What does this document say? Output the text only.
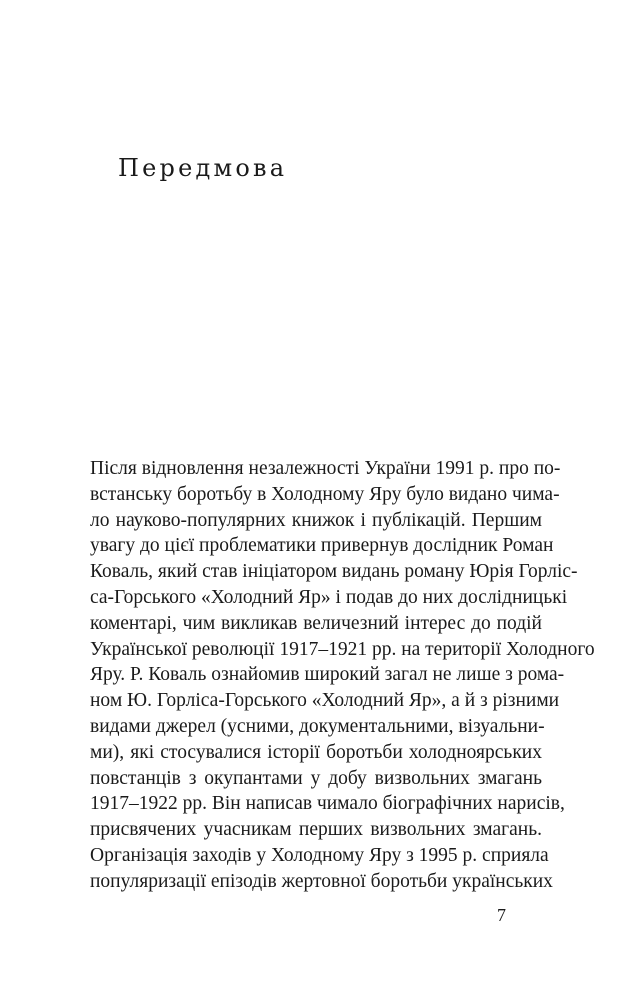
Передмова
Після відновлення незалежності України 1991 р. про по-
встанську боротьбу в Холодному Яру було видано чима-
ло науково-популярних книжок і публікацій. Першим
увагу до цієї проблематики привернув дослідник Роман
Коваль, який став ініціатором видань роману Юрія Горліс-
са-Горського «Холодний Яр» і подав до них дослідницькі
коментарі, чим викликав величезний інтерес до подій
Української революції 1917–1921 рр. на території Холодного
Яру. Р. Коваль ознайомив широкий загал не лише з рома-
ном Ю. Горліса-Горського «Холодний Яр», а й з різними
видами джерел (усними, документальними, візуальни-
ми), які стосувалися історії боротьби холодноярських
повстанців з окупантами у добу визвольних змагань
1917–1922 рр. Він написав чимало біографічних нарисів,
присвячених учасникам перших визвольних змагань.
Організація заходів у Холодному Яру з 1995 р. сприяла
популяризації епізодів жертовної боротьби українських
7
